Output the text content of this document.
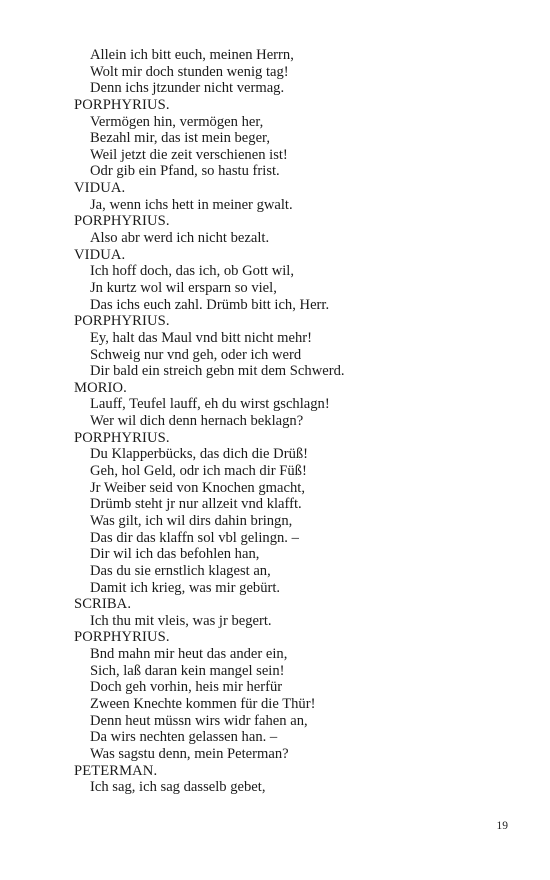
Allein ich bitt euch, meinen Herrn,
Wolt mir doch stunden wenig tag!
Denn ichs jtzunder nicht vermag.
PORPHYRIUS.
Vermögen hin, vermögen her,
Bezahl mir, das ist mein beger,
Weil jetzt die zeit verschienen ist!
Odr gib ein Pfand, so hastu frist.
VIDUA.
Ja, wenn ichs hett in meiner gwalt.
PORPHYRIUS.
Also abr werd ich nicht bezalt.
VIDUA.
Ich hoff doch, das ich, ob Gott wil,
Jn kurtz wol wil ersparn so viel,
Das ichs euch zahl. Drümb bitt ich, Herr.
PORPHYRIUS.
Ey, halt das Maul vnd bitt nicht mehr!
Schweig nur vnd geh, oder ich werd
Dir bald ein streich gebn mit dem Schwerd.
MORIO.
Lauff, Teufel lauff, eh du wirst gschlagn!
Wer wil dich denn hernach beklagn?
PORPHYRIUS.
Du Klapperbücks, das dich die Drüß!
Geh, hol Geld, odr ich mach dir Füß!
Jr Weiber seid von Knochen gmacht,
Drümb steht jr nur allzeit vnd klafft.
Was gilt, ich wil dirs dahin bringn,
Das dir das klaffn sol vbl gelingn. –
Dir wil ich das befohlen han,
Das du sie ernstlich klagest an,
Damit ich krieg, was mir gebürt.
SCRIBA.
Ich thu mit vleis, was jr begert.
PORPHYRIUS.
Bnd mahn mir heut das ander ein,
Sich, laß daran kein mangel sein!
Doch geh vorhin, heis mir herfür
Zween Knechte kommen für die Thür!
Denn heut müssn wirs widr fahen an,
Da wirs nechten gelassen han. –
Was sagstu denn, mein Peterman?
PETERMAN.
Ich sag, ich sag dasselb gebet,
19
